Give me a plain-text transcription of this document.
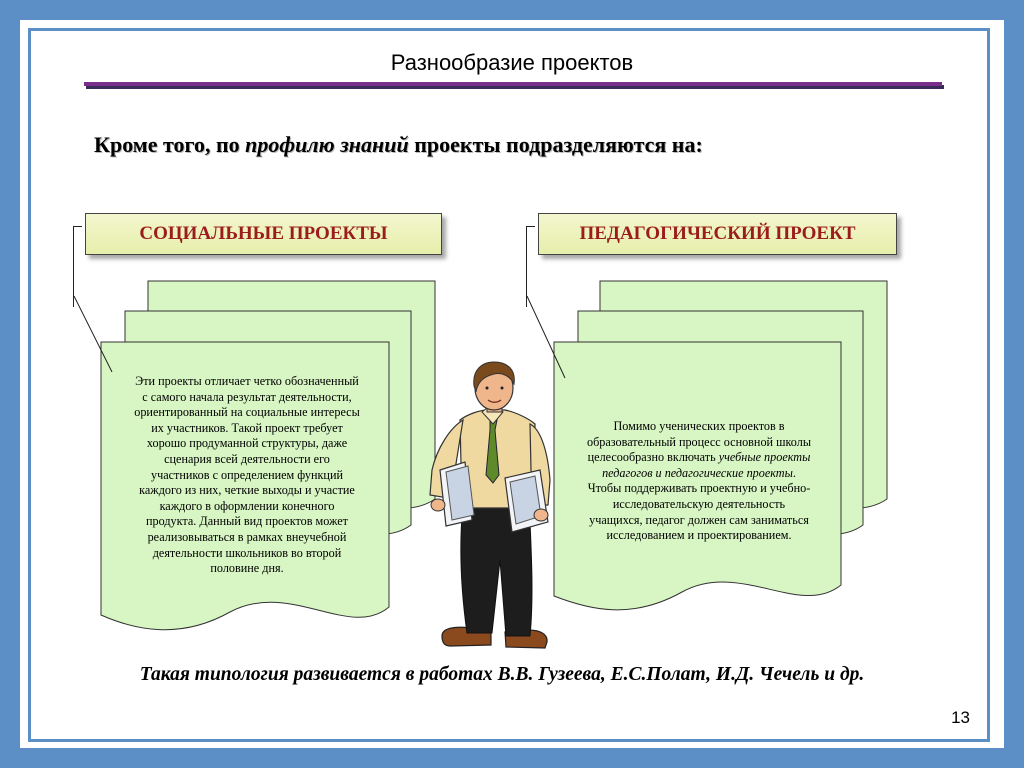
Разнообразие проектов
Кроме того, по профилю знаний проекты подразделяются на:
СОЦИАЛЬНЫЕ ПРОЕКТЫ	ПЕДАГОГИЧЕСКИЙ ПРОЕКТ
Эти проекты отличает четко обозначенный
с самого начала результат деятельности,
ориентированный на социальные интересы
их участников. Такой проект требует
хорошо продуманной структуры, даже
сценария всей деятельности его
участников с определением функций
каждого из них, четкие выходы и участие
каждого в оформлении конечного
продукта. Данный вид проектов может
реализовываться в рамках внеучебной
деятельности школьников во второй
половине дня.
Помимо ученических проектов в
образовательный процесс основной школы
целесообразно включать учебные проекты
педагогов и педагогические проекты.
Чтобы поддерживать проектную и учебно-
исследовательскую деятельность
учащихся, педагог должен сам заниматься
исследованием и проектированием.
Такая типология развивается в работах В.В. Гузеева, Е.С.Полат, И.Д. Чечель и др.
13
